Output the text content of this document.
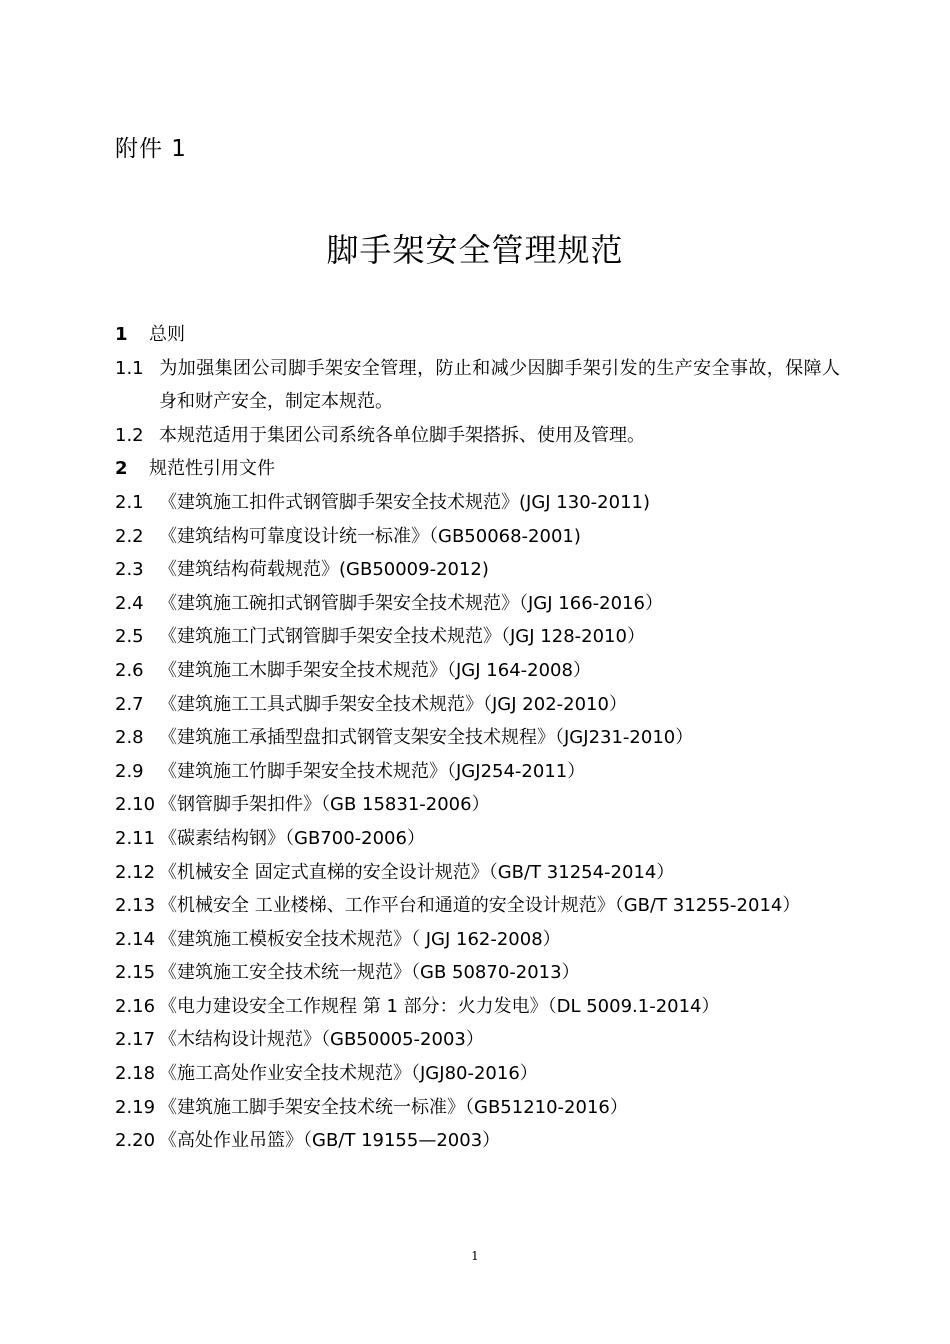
附件 1
脚手架安全管理规范
1 总则
1.1 为加强集团公司脚手架安全管理，防止和减少因脚手架引发的生产安全事故，保障人身和财产安全，制定本规范。
1.2 本规范适用于集团公司系统各单位脚手架搭拆、使用及管理。
2 规范性引用文件
2.1 《建筑施工扣件式钢管脚手架安全技术规范》(JGJ 130-2011)
2.2 《建筑结构可靠度设计统一标准》（GB50068-2001)
2.3 《建筑结构荷载规范》(GB50009-2012)
2.4 《建筑施工碗扣式钢管脚手架安全技术规范》（JGJ 166-2016）
2.5 《建筑施工门式钢管脚手架安全技术规范》（JGJ 128-2010）
2.6 《建筑施工木脚手架安全技术规范》（JGJ 164-2008）
2.7 《建筑施工工具式脚手架安全技术规范》（JGJ 202-2010）
2.8 《建筑施工承插型盘扣式钢管支架安全技术规程》（JGJ231-2010）
2.9 《建筑施工竹脚手架安全技术规范》（JGJ254-2011）
2.10 《钢管脚手架扣件》（GB 15831-2006）
2.11 《碳素结构钢》（GB700-2006）
2.12 《机械安全 固定式直梯的安全设计规范》（GB/T 31254-2014）
2.13 《机械安全 工业楼梯、工作平台和通道的安全设计规范》（GB/T 31255-2014）
2.14 《建筑施工模板安全技术规范》（ JGJ 162-2008）
2.15 《建筑施工安全技术统一规范》（GB 50870-2013）
2.16 《电力建设安全工作规程 第 1 部分：火力发电》（DL 5009.1-2014）
2.17 《木结构设计规范》（GB50005-2003）
2.18 《施工高处作业安全技术规范》（JGJ80-2016）
2.19 《建筑施工脚手架安全技术统一标准》（GB51210-2016）
2.20 《高处作业吊篮》（GB/T 19155—2003）
1
